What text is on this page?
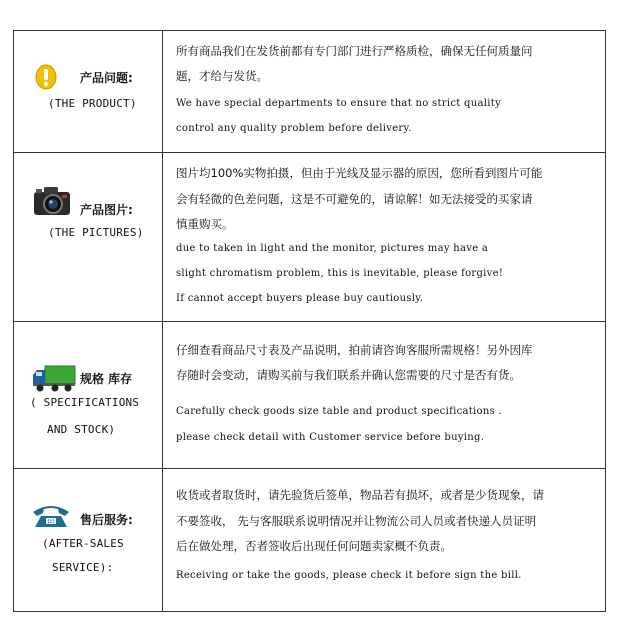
产品问题:
(THE PRODUCT)
所有商品我们在发货前都有专门部门进行严格质检，确保无任何质量问
题，才给与发货。
We have special departments to ensure that no strict quality
control any quality problem before delivery.
产品图片:
(THE PICTURES)
图片均100%实物拍摄，但由于光线及显示器的原因，您所看到图片可能
会有轻微的色差问题，这是不可避免的，请谅解！如无法接受的买家请
慎重购买。
due to taken in light and the monitor, pictures may have a
slight chromatism problem, this is inevitable, please forgive!
If cannot accept buyers please buy cautiously.
规格 库存
( SPECIFICATIONS
AND STOCK)
仔细查看商品尺寸表及产品说明，拍前请咨询客服所需规格！另外因库
存随时会变动，请购买前与我们联系并确认您需要的尺寸是否有货。
Carefully check goods size table and product specifications .
please check detail with Customer service before buying.
售后服务:
(AFTER-SALES
SERVICE):
收货或者取货时，请先验货后签单，物品若有损坏，或者是少货现象，请
不要签收， 先与客服联系说明情况并让物流公司人员或者快递人员证明
后在做处理，否者签收后出现任何问题卖家概不负责。
Receiving or take the goods, please check it before sign the bill.
